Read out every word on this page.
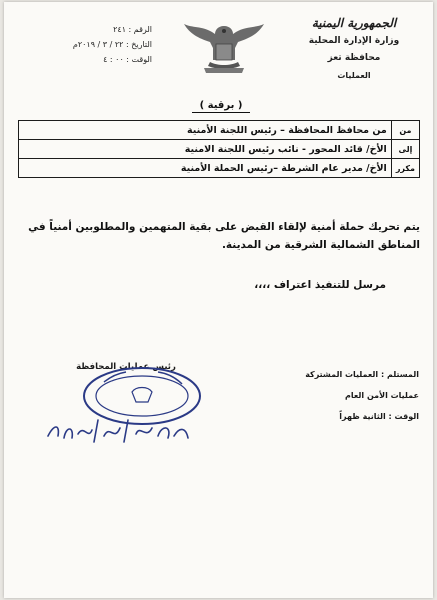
الجمهورية اليمنية
وزارة الإدارة المحلية
محافظة تعز
العمليات
الرقم : ٢٤١
التاريخ : ٢٢ / ٣ / ٢٠١٩م
الوقت : ٠٠ : ٤
( برقية )
من	من محافظ المحافظة – رئيس اللجنة الأمنية
إلى	الأخ/ قائد المحور - نائب رئيس اللجنة الامنية
مكرر	الأخ/ مدير عام الشرطة –رئيس الحملة الأمنية

يتم تحريك حملة أمنية لإلقاء القبض على بقية المتهمين والمطلوبين أمنياً في المناطق الشمالية الشرقية من المدينة.

مرسل للتنفيذ اعتراف ،،،،

المستلم : العمليات المشتركة
عمليات الأمن العام
الوقت : الثانية ظهراً
رئيس عمليات المحافظة
